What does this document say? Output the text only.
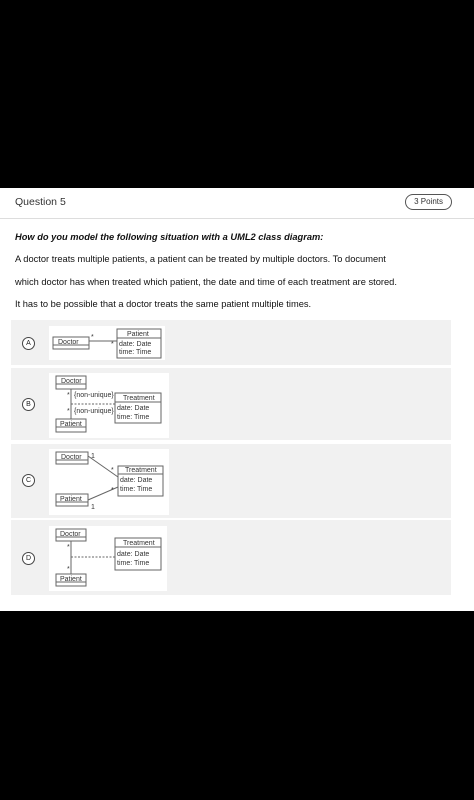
Question 5	3 Points
How do you model the following situation with a UML2 class diagram:
A doctor treats multiple patients, a patient can be treated by multiple doctors. To document
which doctor has when treated which patient, the date and time of each treatment are stored.
It has to be possible that a doctor treats the same patient multiple times.
A	Doctor
*
*
Patient
date: Date
time: Time
B
Doctor
* {non-unique}
* {non-unique}
Patient
Treatment
date: Date
time: Time
C
Doctor 1
*
Patient
1
*
Treatment
date: Date
time: Time
D
Doctor
*
*
Patient
Treatment
date: Date
time: Time
